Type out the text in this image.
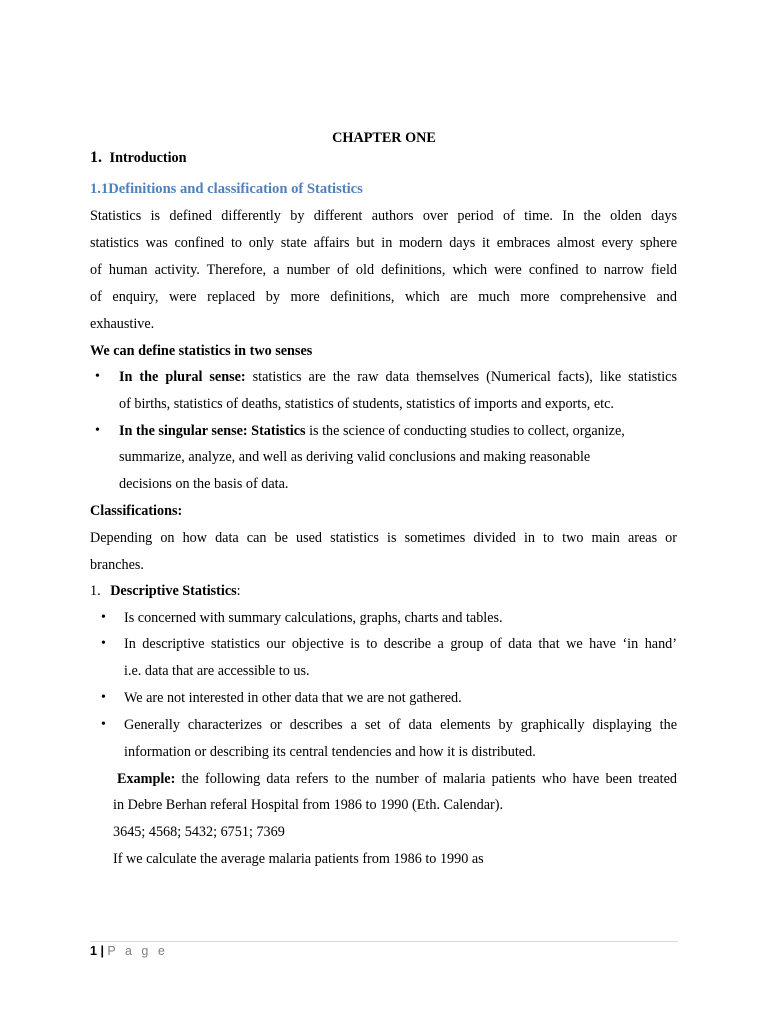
CHAPTER ONE
1. Introduction
1.1Definitions and classification of Statistics
Statistics is defined differently by different authors over period of time. In the olden days
statistics was confined to only state affairs but in modern days it embraces almost every sphere
of human activity. Therefore, a number of old definitions, which were confined to narrow field
of enquiry, were replaced by more definitions, which are much more comprehensive and
exhaustive.
We can define statistics in two senses
• In the plural sense: statistics are the raw data themselves (Numerical facts), like statistics
of births, statistics of deaths, statistics of students, statistics of imports and exports, etc.
• In the singular sense: Statistics is the science of conducting studies to collect, organize,
summarize, analyze, and well as deriving valid conclusions and making reasonable
decisions on the basis of data.
Classifications:
Depending on how data can be used statistics is sometimes divided in to two main areas or
branches.
1. Descriptive Statistics:
• Is concerned with summary calculations, graphs, charts and tables.
• In descriptive statistics our objective is to describe a group of data that we have ‘in hand’
i.e. data that are accessible to us.
• We are not interested in other data that we are not gathered.
• Generally characterizes or describes a set of data elements by graphically displaying the
information or describing its central tendencies and how it is distributed.
Example: the following data refers to the number of malaria patients who have been treated
in Debre Berhan referal Hospital from 1986 to 1990 (Eth. Calendar).
3645; 4568; 5432; 6751; 7369
If we calculate the average malaria patients from 1986 to 1990 as
1 | P a g e
